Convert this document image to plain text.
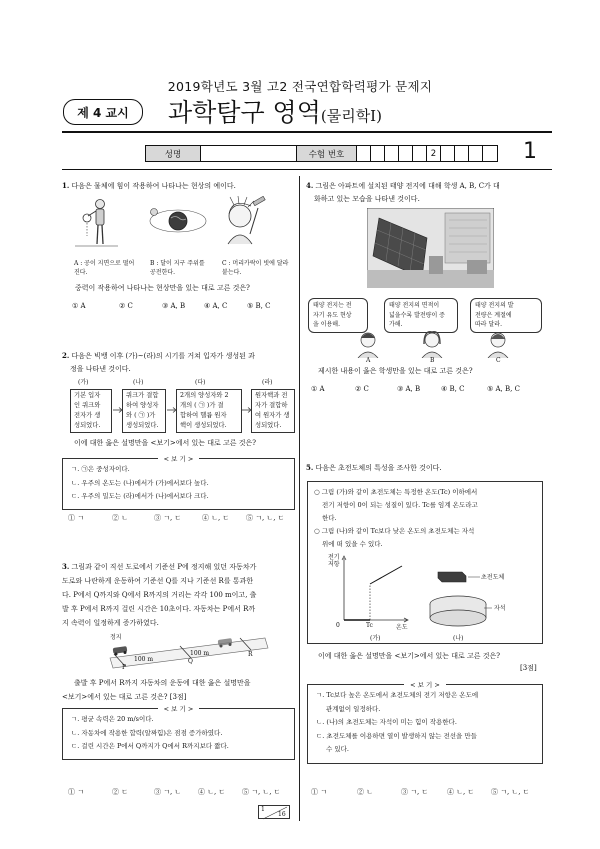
2019학년도 3월 고2 전국연합학력평가 문제지
제 4 교시	과학탐구 영역(물리학Ⅰ)
성명	수험 번호	2	1
1. 다음은 물체에 힘이 작용하여 나타나는 현상의 예이다.
A : 공이 지면으로 떨어진다.
B : 달이 지구 주위를 공전한다.
C : 머리카락이 빗에 달라붙는다.
중력이 작용하여 나타나는 현상만을 있는 대로 고른 것은?
① A	② C	③ A, B	④ A, C	⑤ B, C
2. 다음은 빅뱅 이후 (가)~(라)의 시기를 거쳐 입자가 생성된 과
정을 나타낸 것이다.
(가)	(나)	(다)	(라)
기본 입자
인 쿼크와
전자가 생
성되었다.
쿼크가 결합
하여 양성자
와 ( ㉠ )가
생성되었다.
2개의 양성자와 2
개의 ( ㉠ )가 결
합하여 헬륨 원자
핵이 생성되었다.
원자핵과 전
자가 결합하
여 원자가 생
성되었다.
이에 대한 옳은 설명만을 <보기>에서 있는 대로 고른 것은?
< 보 기 >
ㄱ. ㉠은 중성자이다.
ㄴ. 우주의 온도는 (나)에서가 (가)에서보다 높다.
ㄷ. 우주의 밀도는 (라)에서가 (나)에서보다 크다.
① ㄱ	② ㄴ	③ ㄱ, ㄷ	④ ㄴ, ㄷ ⑤ ㄱ, ㄴ, ㄷ
3. 그림과 같이 직선 도로에서 기준선 P에 정지해 있던 자동차가
도로와 나란하게 운동하여 기준선 Q를 지나 기준선 R를 통과한
다. P에서 Q까지와 Q에서 R까지의 거리는 각각 100 m이고, 출
발 후 P에서 R까지 걸린 시간은 10초이다. 자동차는 P에서 R까
지 속력이 일정하게 증가하였다.
정지
100 m
100 m
P
Q
R
출발 후 P에서 R까지 자동차의 운동에 대한 옳은 설명만을
<보기>에서 있는 대로 고른 것은? [3점]
< 보 기 >
ㄱ. 평균 속력은 20 m/s이다.
ㄴ. 자동차에 작용한 합력(알짜힘)은 점점 증가하였다.
ㄷ. 걸린 시간은 P에서 Q까지가 Q에서 R까지보다 짧다.
① ㄱ	② ㄷ	③ ㄱ, ㄴ ④ ㄴ, ㄷ ⑤ ㄱ, ㄴ, ㄷ
4. 그림은 아파트에 설치된 태양 전지에 대해 학생 A, B, C가 대
화하고 있는 모습을 나타낸 것이다.
태양 전지는 전
자기 유도 현상
을 이용해.
태양 전지의 면적이
넓을수록 발전량이 증
가해.
태양 전지의 발
전량은 계절에
따라 달라.
A	B	C
제시한 내용이 옳은 학생만을 있는 대로 고른 것은?
① A	② C	③ A, B	④ B, C	⑤ A, B, C
5. 다음은 초전도체의 특성을 조사한 것이다.
○ 그림 (가)와 같이 초전도체는 특정한 온도(Tc) 이하에서
전기 저항이 0이 되는 성질이 있다. Tc를 임계 온도라고
한다.
○ 그림 (나)와 같이 Tc보다 낮은 온도의 초전도체는 자석
위에 떠 있을 수 있다.
전기
저항
0	Tc	온도
(가)
초전도체
자석
(나)
이에 대한 옳은 설명만을 <보기>에서 있는 대로 고른 것은?
[3점]
< 보 기 >
ㄱ. Tc보다 높은 온도에서 초전도체의 전기 저항은 온도에
관계없이 일정하다.
ㄴ. (나)의 초전도체는 자석이 미는 힘이 작용한다.
ㄷ. 초전도체를 이용하면 열이 발생하지 않는 전선을 만들
수 있다.
① ㄱ	② ㄴ	③ ㄱ, ㄷ	④ ㄴ, ㄷ ⑤ ㄱ, ㄴ, ㄷ
1
16
